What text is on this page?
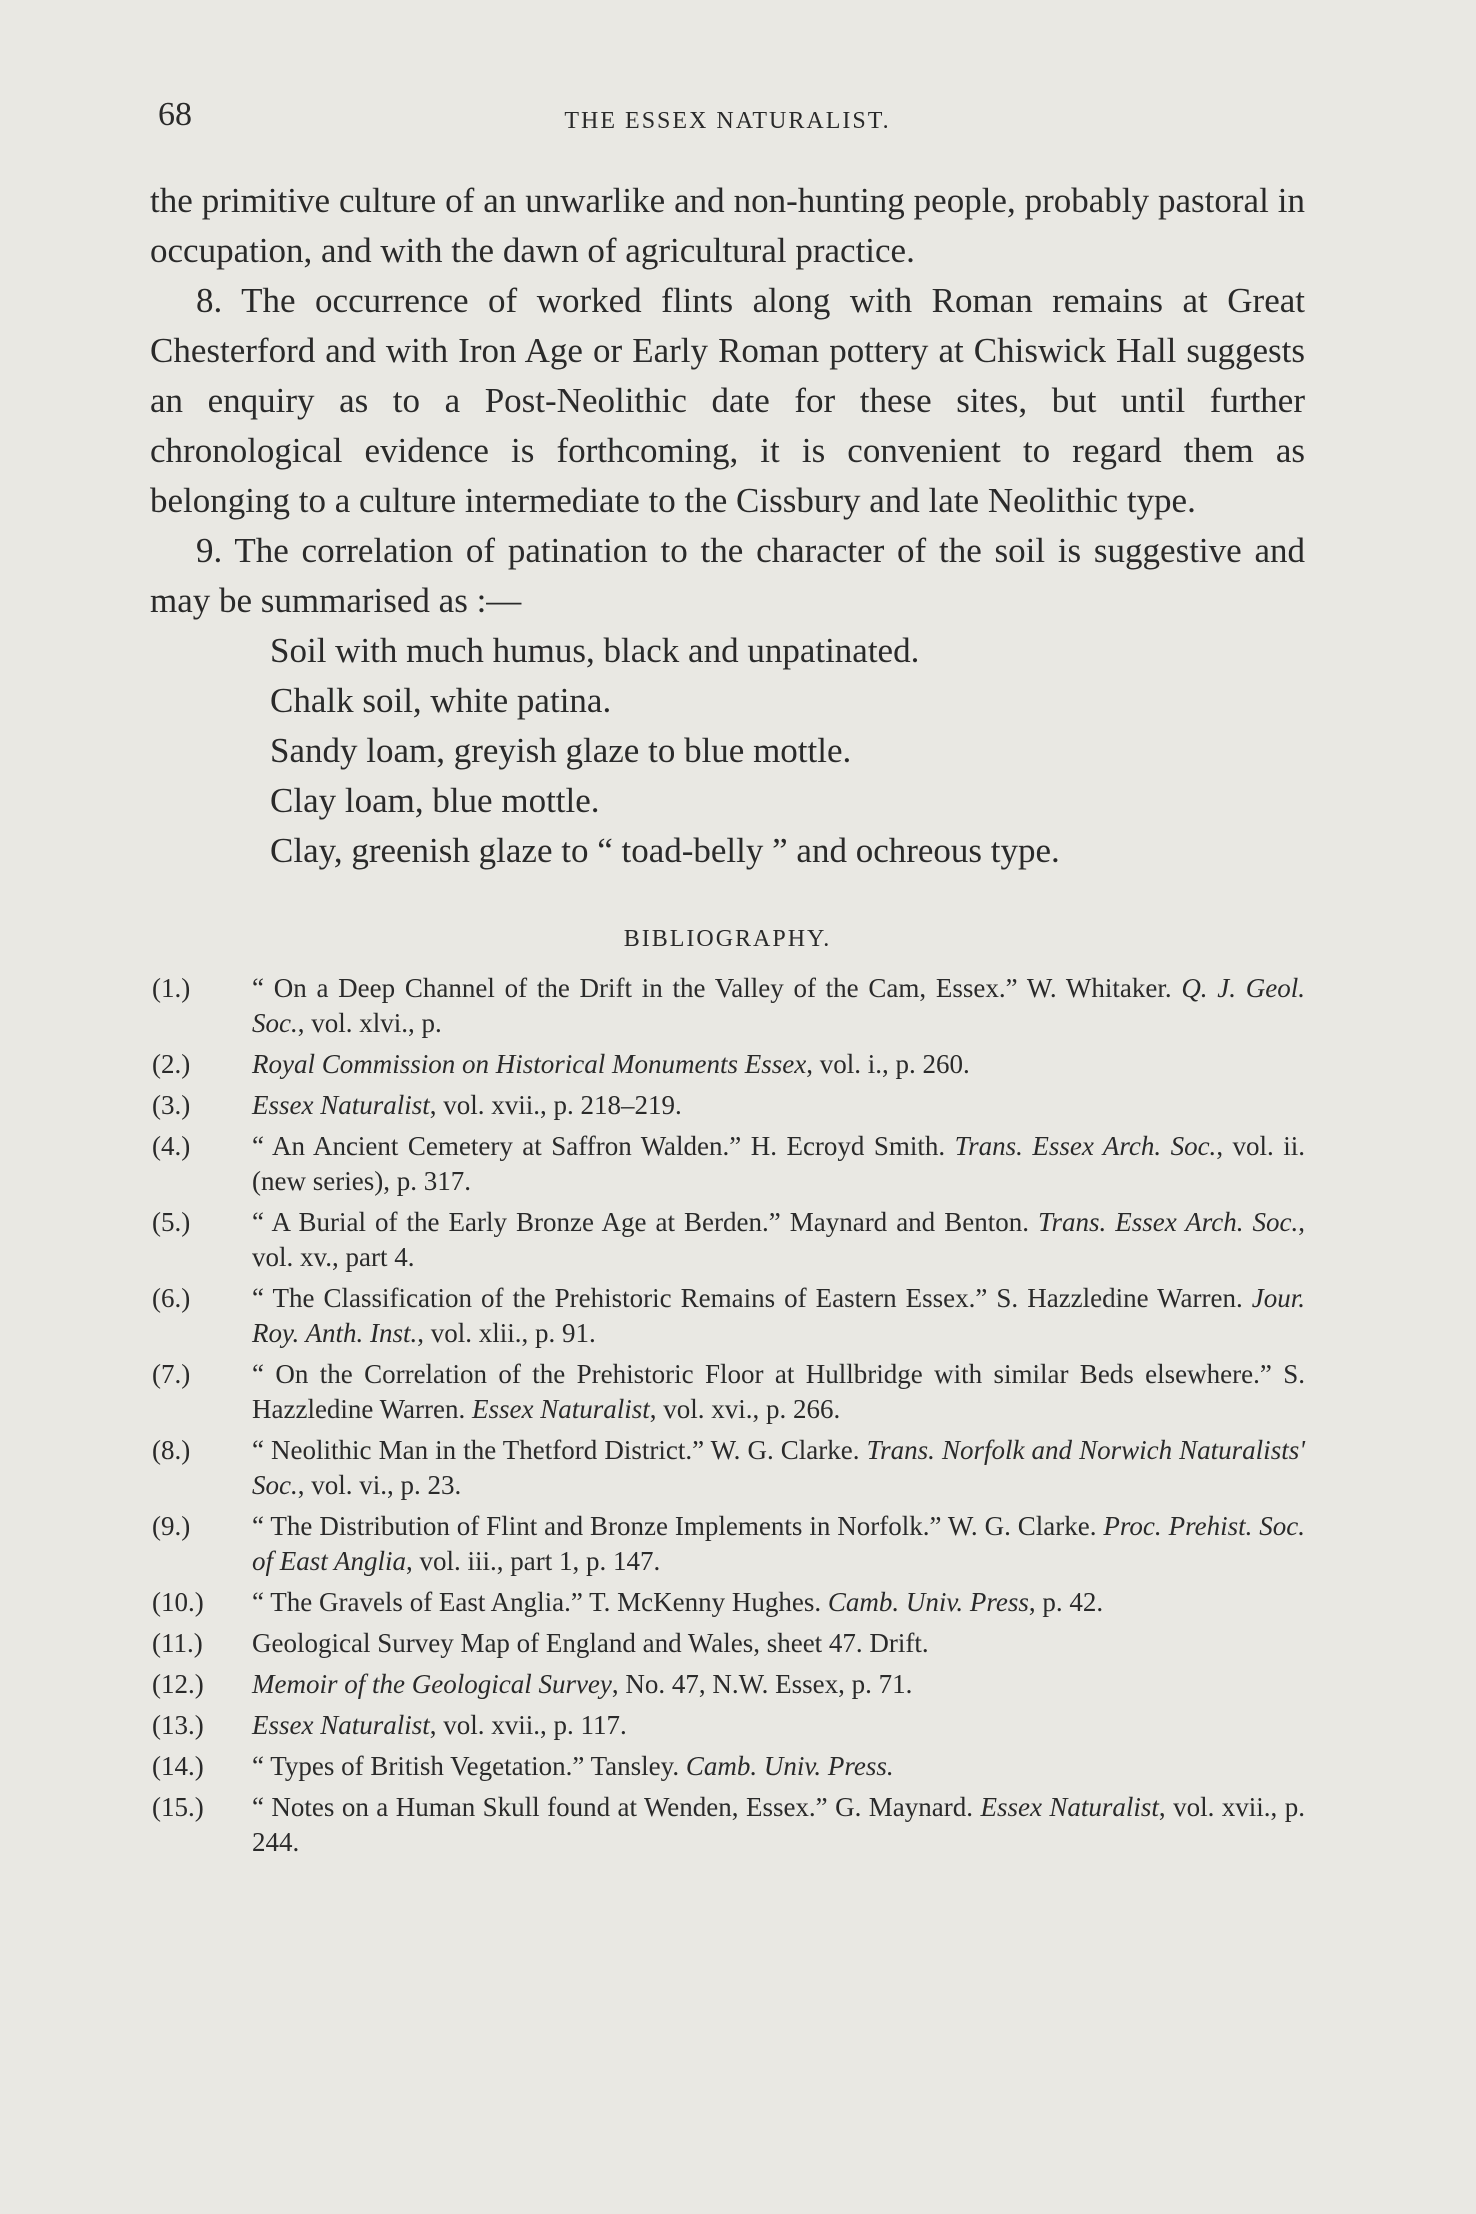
68	THE ESSEX NATURALIST.

the primitive culture of an unwarlike and non-hunting people, probably pastoral in occupation, and with the dawn of agricultural practice.

8. The occurrence of worked flints along with Roman remains at Great Chesterford and with Iron Age or Early Roman pottery at Chiswick Hall suggests an enquiry as to a Post-Neolithic date for these sites, but until further chronological evidence is forthcoming, it is convenient to regard them as belonging to a culture intermediate to the Cissbury and late Neolithic type.

9. The correlation of patination to the character of the soil is suggestive and may be summarised as :—

Soil with much humus, black and unpatinated.
Chalk soil, white patina.
Sandy loam, greyish glaze to blue mottle.
Clay loam, blue mottle.
Clay, greenish glaze to “ toad-belly ” and ochreous type.
BIBLIOGRAPHY.
(1.)	“ On a Deep Channel of the Drift in the Valley of the Cam, Essex.” W. Whitaker. Q. J. Geol. Soc., vol. xlvi., p.
(2.)	Royal Commission on Historical Monuments Essex, vol. i., p. 260.
(3.)	Essex Naturalist, vol. xvii., p. 218–219.
(4.)	“ An Ancient Cemetery at Saffron Walden.” H. Ecroyd Smith. Trans. Essex Arch. Soc., vol. ii. (new series), p. 317.
(5.)	“ A Burial of the Early Bronze Age at Berden.” Maynard and Benton. Trans. Essex Arch. Soc., vol. xv., part 4.
(6.)	“ The Classification of the Prehistoric Remains of Eastern Essex.” S. Hazzledine Warren. Jour. Roy. Anth. Inst., vol. xlii., p. 91.
(7.)	“ On the Correlation of the Prehistoric Floor at Hullbridge with similar Beds elsewhere.” S. Hazzledine Warren. Essex Naturalist, vol. xvi., p. 266.
(8.)	“ Neolithic Man in the Thetford District.” W. G. Clarke. Trans. Norfolk and Norwich Naturalists' Soc., vol. vi., p. 23.
(9.)	“ The Distribution of Flint and Bronze Implements in Norfolk.” W. G. Clarke. Proc. Prehist. Soc. of East Anglia, vol. iii., part 1, p. 147.
(10.)	“ The Gravels of East Anglia.” T. McKenny Hughes. Camb. Univ. Press, p. 42.
(11.)	Geological Survey Map of England and Wales, sheet 47. Drift.
(12.)	Memoir of the Geological Survey, No. 47, N.W. Essex, p. 71.
(13.)	Essex Naturalist, vol. xvii., p. 117.
(14.)	“ Types of British Vegetation.” Tansley. Camb. Univ. Press.
(15.)	“ Notes on a Human Skull found at Wenden, Essex.” G. Maynard. Essex Naturalist, vol. xvii., p. 244.
